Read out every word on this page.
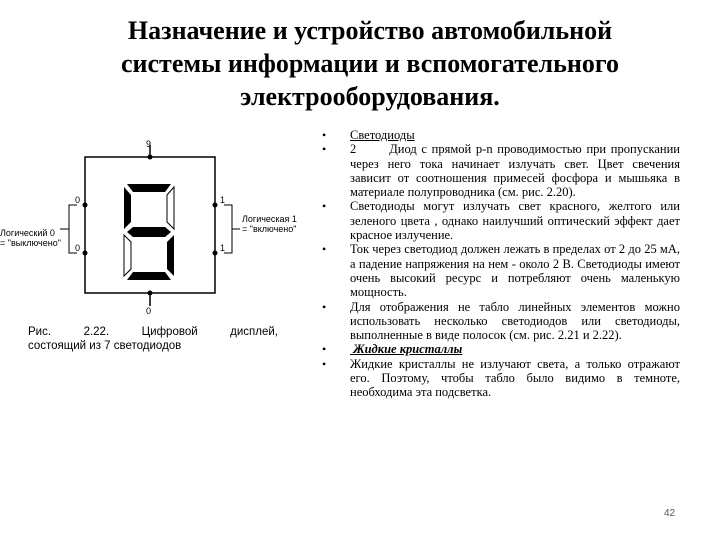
Назначение и устройство автомобильной
системы информации и вспомогательного
электрооборудования.
9
0
0
0
1
1
Логический 0
= "выключено"
Логическая 1
= "включено"
Рис.	2.22.	Цифровой	дисплей,
состоящий из 7 светодиодов
•	Светодиоды
•	2       Диод с прямой p-n проводимостью при пропускании через него тока начинает излучать свет. Цвет свечения зависит от соотношения примесей фосфора и мышьяка в материале полупроводника (см. рис. 2.20).
•	Светодиоды могут излучать свет красного, желтого или зеленого цвета , однако наилучший оптический эффект дает красное излучение.
•	Ток через светодиод должен лежать в пределах от 2 до 25 мА, а падение напряжения на нем - около 2 В. Светодиоды имеют очень высокий ресурс и потребляют очень маленькую мощность.
•	Для отображения не табло линейных элементов можно использовать несколько светодиодов или светодиоды, выполненные в виде полосок (см. рис. 2.21 и 2.22).
•	Жидкие кристаллы
•	Жидкие кристаллы не излучают света, а только отражают его. Поэтому, чтобы табло было видимо в темноте, необходима эта подсветка.
42
